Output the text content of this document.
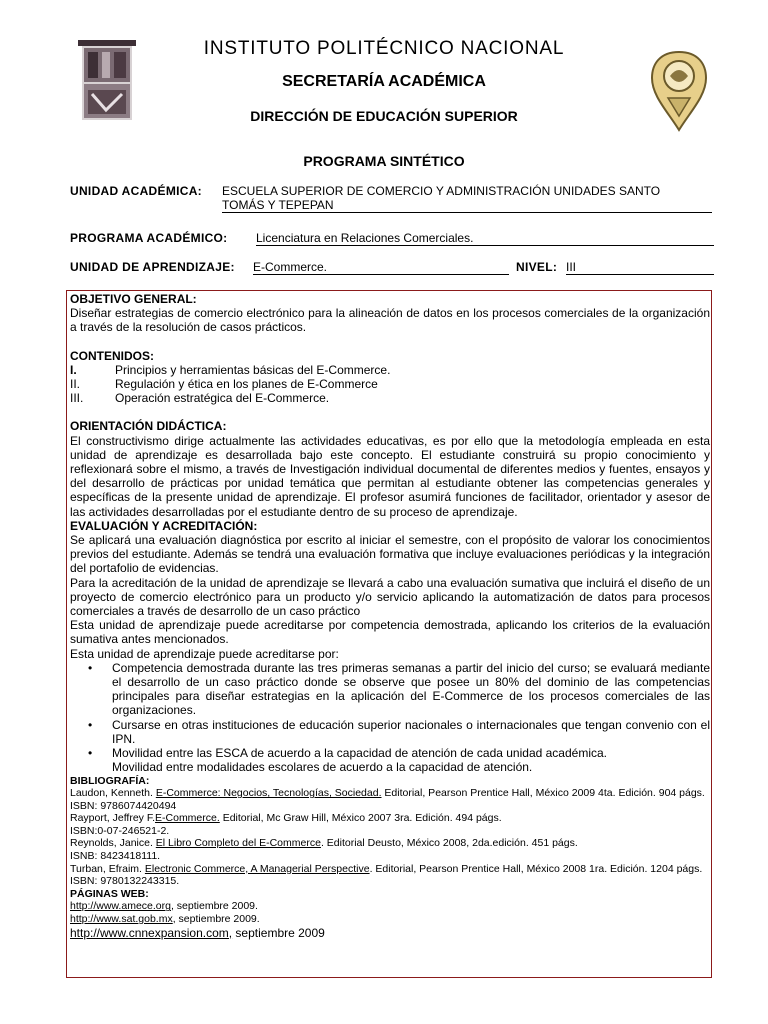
INSTITUTO POLITÉCNICO NACIONAL
SECRETARÍA ACADÉMICA
DIRECCIÓN DE EDUCACIÓN SUPERIOR
PROGRAMA SINTÉTICO
UNIDAD ACADÉMICA: ESCUELA SUPERIOR DE COMERCIO Y ADMINISTRACIÓN UNIDADES SANTO
TOMÁS Y TEPEPAN
PROGRAMA ACADÉMICO: Licenciatura en Relaciones Comerciales.
UNIDAD DE APRENDIZAJE: E-Commerce.	NIVEL: III
OBJETIVO GENERAL:

Diseñar estrategias de comercio electrónico para la alineación de datos en los procesos comerciales de la organización a través de la resolución de casos prácticos.

CONTENIDOS:
I.	Principios y herramientas básicas del E-Commerce.
II.	Regulación y ética en los planes de E-Commerce
III.	Operación estratégica del E-Commerce.
ORIENTACIÓN DIDÁCTICA:

El constructivismo dirige actualmente las actividades educativas, es por ello que la metodología empleada en esta unidad de aprendizaje es desarrollada bajo este concepto. El estudiante construirá su propio conocimiento y reflexionará sobre el mismo, a través de Investigación individual documental de diferentes medios y fuentes, ensayos y del desarrollo de prácticas por unidad temática que permitan al estudiante obtener las competencias generales y específicas de la presente unidad de aprendizaje. El profesor asumirá funciones de facilitador, orientador y asesor de las actividades desarrolladas por el estudiante dentro de su proceso de aprendizaje.

EVALUACIÓN Y ACREDITACIÓN:

Se aplicará una evaluación diagnóstica por escrito al iniciar el semestre, con el propósito de valorar los conocimientos previos del estudiante. Además se tendrá una evaluación formativa que incluye evaluaciones periódicas y la integración del portafolio de evidencias.

Para la acreditación de la unidad de aprendizaje se llevará a cabo una evaluación sumativa que incluirá el diseño de un proyecto de comercio electrónico para un producto y/o servicio aplicando la automatización de datos para procesos comerciales a través de desarrollo de un caso práctico

Esta unidad de aprendizaje puede acreditarse por competencia demostrada, aplicando los criterios de la evaluación sumativa antes mencionados.

Esta unidad de aprendizaje puede acreditarse por:

•	Competencia demostrada durante las tres primeras semanas a partir del inicio del curso; se evaluará mediante el desarrollo de un caso práctico donde se observe que posee un 80% del dominio de las competencias principales para diseñar estrategias en la aplicación del E-Commerce de los procesos comerciales de las organizaciones.
•	Cursarse en otras instituciones de educación superior nacionales o internacionales que tengan convenio con el IPN.
•	Movilidad entre las ESCA de acuerdo a la capacidad de atención de cada unidad académica.
Movilidad entre modalidades escolares de acuerdo a la capacidad de atención.
BIBLIOGRAFÍA:

Laudon, Kenneth. E-Commerce: Negocios, Tecnologías, Sociedad. Editorial, Pearson Prentice Hall, México 2009 4ta. Edición. 904 págs. ISBN: 9786074420494

Rayport, Jeffrey F.E-Commerce. Editorial, Mc Graw Hill, México 2007 3ra. Edición. 494 págs.

ISBN:0-07-246521-2.

Reynolds, Janice. El Libro Completo del E-Commerce. Editorial Deusto, México 2008, 2da.edición. 451 págs.

ISNB: 8423418111.

Turban, Efraim. Electronic Commerce, A Managerial Perspective. Editorial, Pearson Prentice Hall, México 2008 1ra. Edición. 1204 págs. ISBN: 9780132243315.

PÁGINAS WEB:

http://www.amece.org, septiembre 2009.

http://www.sat.gob.mx, septiembre 2009.

http://www.cnnexpansion.com, septiembre 2009
